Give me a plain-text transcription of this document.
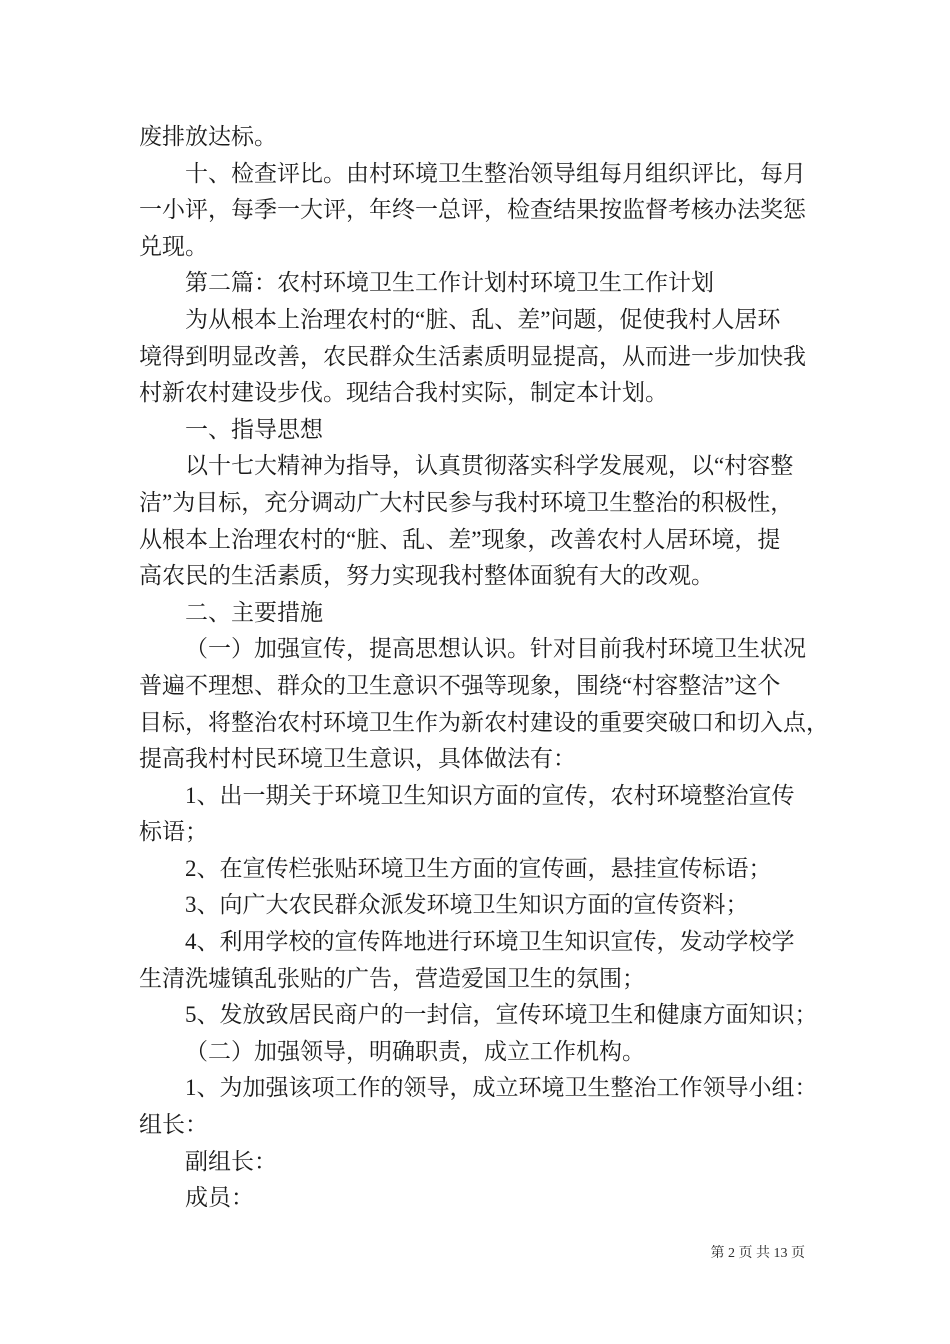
废排放达标。
十、检查评比。由村环境卫生整治领导组每月组织评比，每月
一小评，每季一大评，年终一总评，检查结果按监督考核办法奖惩
兑现。
第二篇：农村环境卫生工作计划村环境卫生工作计划
为从根本上治理农村的“脏、乱、差”问题，促使我村人居环
境得到明显改善，农民群众生活素质明显提高，从而进一步加快我
村新农村建设步伐。现结合我村实际，制定本计划。
一、指导思想
以十七大精神为指导，认真贯彻落实科学发展观，以“村容整
洁”为目标，充分调动广大村民参与我村环境卫生整治的积极性，
从根本上治理农村的“脏、乱、差”现象，改善农村人居环境，提
高农民的生活素质，努力实现我村整体面貌有大的改观。
二、主要措施
（一）加强宣传，提高思想认识。针对目前我村环境卫生状况
普遍不理想、群众的卫生意识不强等现象，围绕“村容整洁”这个
目标，将整治农村环境卫生作为新农村建设的重要突破口和切入点，
提高我村村民环境卫生意识，具体做法有：
1、出一期关于环境卫生知识方面的宣传，农村环境整治宣传
标语；
2、在宣传栏张贴环境卫生方面的宣传画，悬挂宣传标语；
3、向广大农民群众派发环境卫生知识方面的宣传资料；
4、利用学校的宣传阵地进行环境卫生知识宣传，发动学校学
生清洗墟镇乱张贴的广告，营造爱国卫生的氛围；
5、发放致居民商户的一封信，宣传环境卫生和健康方面知识；
（二）加强领导，明确职责，成立工作机构。
1、为加强该项工作的领导，成立环境卫生整治工作领导小组：
组长：
副组长：
成员：
第 2 页 共 13 页
